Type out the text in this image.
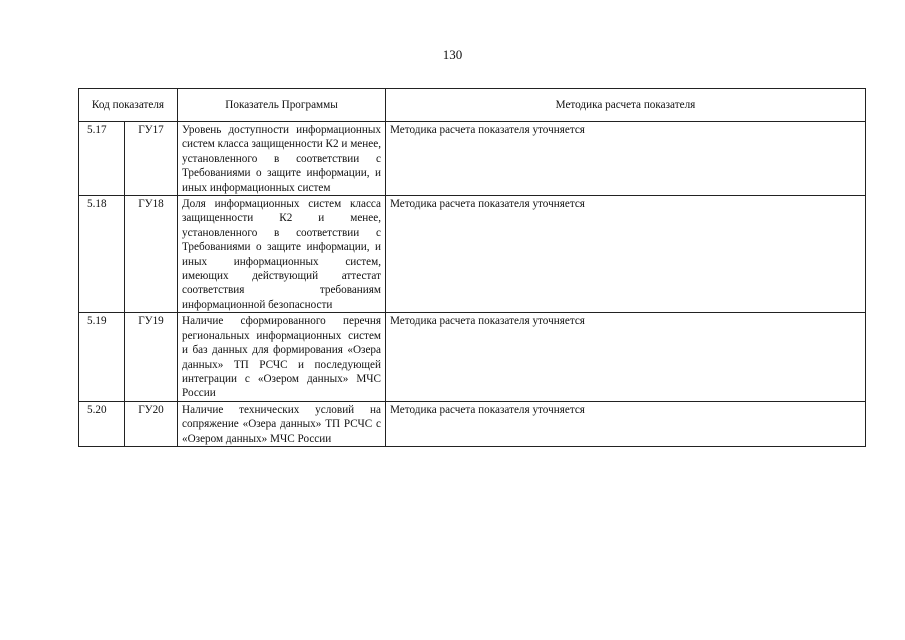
130
Код показателя		Показатель Программы	Методика расчета показателя
5.17	ГУ17	Уровень доступности информационных систем класса защищенности К2 и менее, установленного в соответствии с Требованиями о защите информации, и иных информационных систем	Методика расчета показателя уточняется
5.18	ГУ18	Доля информационных систем класса защищенности К2 и менее, установленного в соответствии с Требованиями о защите информации, и иных информационных систем, имеющих действующий аттестат соответствия требованиям информационной безопасности	Методика расчета показателя уточняется
5.19	ГУ19	Наличие сформированного перечня региональных информационных систем и баз данных для формирования «Озера данных» ТП РСЧС и последующей интеграции с «Озером данных» МЧС России	Методика расчета показателя уточняется
5.20	ГУ20	Наличие технических условий на сопряжение «Озера данных» ТП РСЧС с «Озером данных» МЧС России	Методика расчета показателя уточняется
